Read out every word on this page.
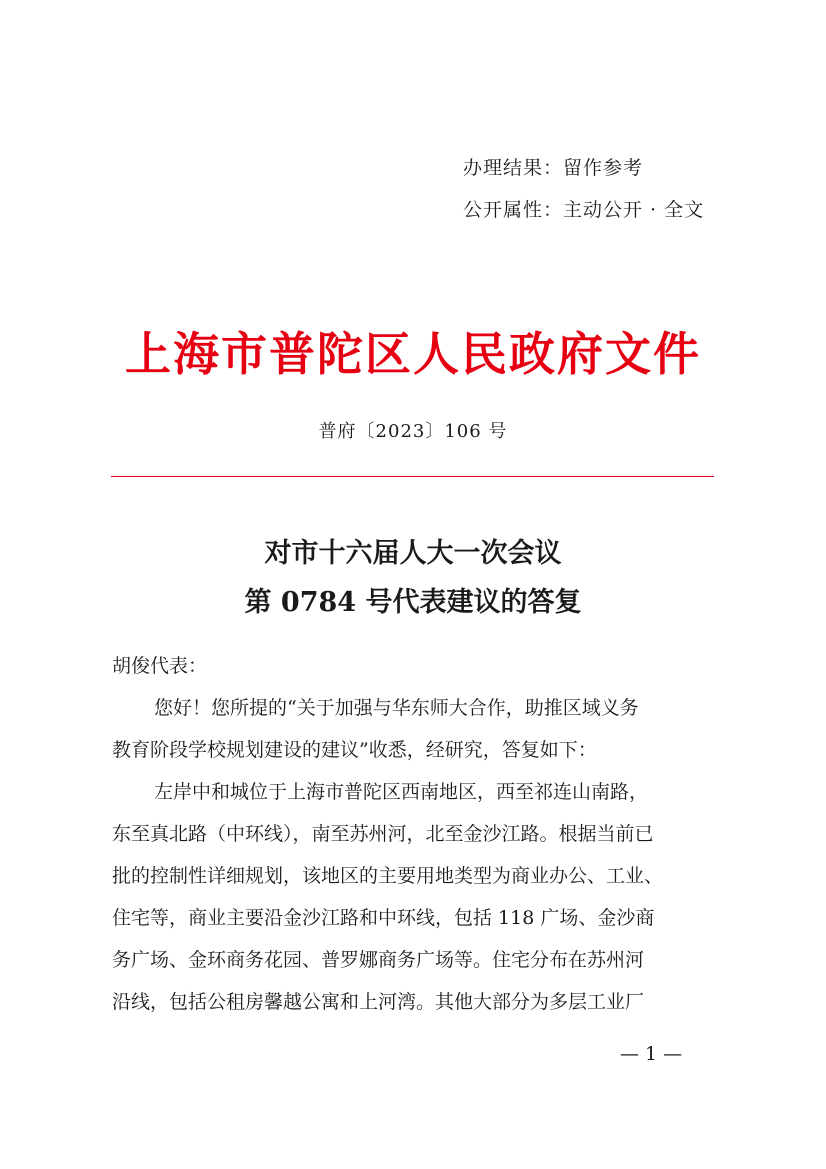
办理结果：留作参考
公开属性：主动公开 · 全文
上海市普陀区人民政府文件
普府〔2023〕106 号
对市十六届人大一次会议
第 0784 号代表建议的答复
胡俊代表：
您好！您所提的“关于加强与华东师大合作，助推区域义务
教育阶段学校规划建设的建议”收悉，经研究，答复如下：
左岸中和城位于上海市普陀区西南地区，西至祁连山南路，
东至真北路（中环线），南至苏州河，北至金沙江路。根据当前已
批的控制性详细规划，该地区的主要用地类型为商业办公、工业、
住宅等，商业主要沿金沙江路和中环线，包括 118 广场、金沙商
务广场、金环商务花园、普罗娜商务广场等。住宅分布在苏州河
沿线，包括公租房馨越公寓和上河湾。其他大部分为多层工业厂
— 1 —
